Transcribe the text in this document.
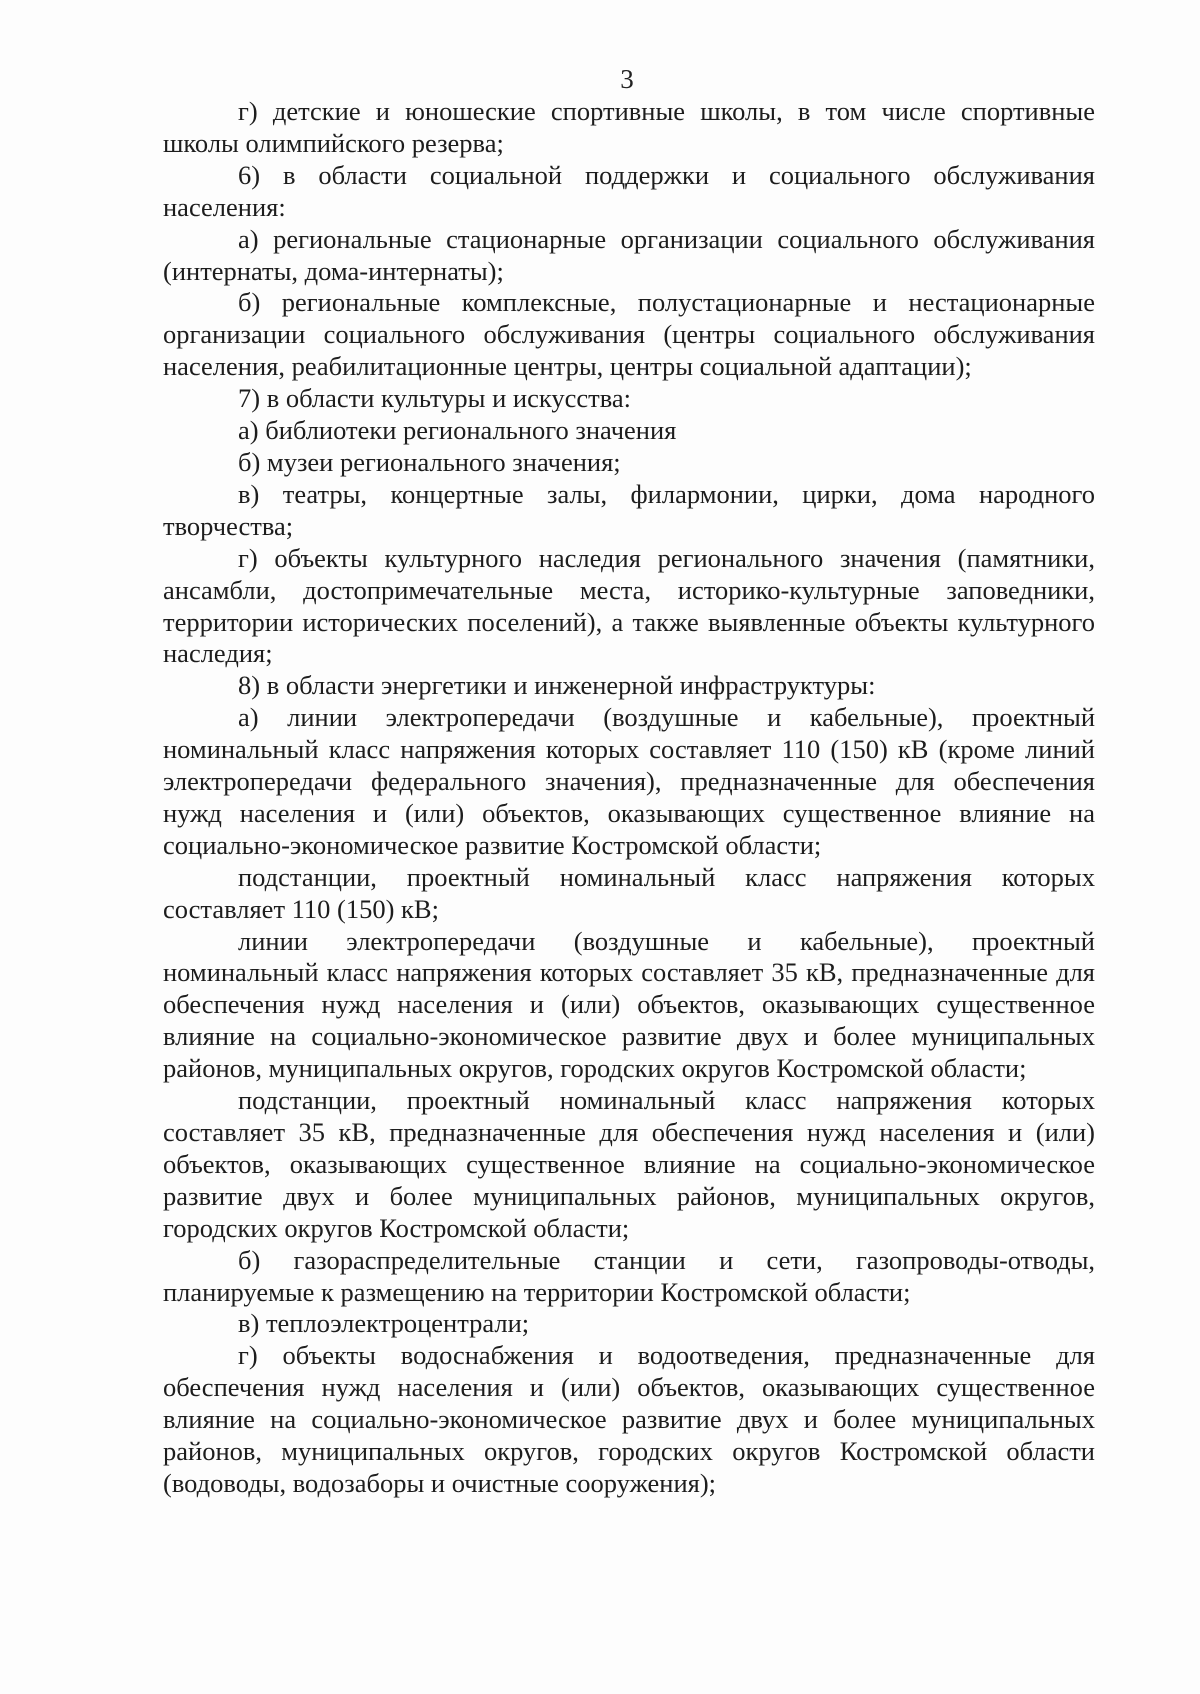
3

г) детские и юношеские спортивные школы, в том числе спортивные школы олимпийского резерва;

6) в области социальной поддержки и социального обслуживания населения:

а) региональные стационарные организации социального обслуживания (интернаты, дома-интернаты);

б) региональные комплексные, полустационарные и нестационарные организации социального обслуживания (центры социального обслуживания населения, реабилитационные центры, центры социальной адаптации);

7) в области культуры и искусства:

а) библиотеки регионального значения

б) музеи регионального значения;

в) театры, концертные залы, филармонии, цирки, дома народного творчества;

г) объекты культурного наследия регионального значения (памятники, ансамбли, достопримечательные места, историко-культурные заповедники, территории исторических поселений), а также выявленные объекты культурного наследия;

8) в области энергетики и инженерной инфраструктуры:

а) линии электропередачи (воздушные и кабельные), проектный номинальный класс напряжения которых составляет 110 (150) кВ (кроме линий электропередачи федерального значения), предназначенные для обеспечения нужд населения и (или) объектов, оказывающих существенное влияние на социально-экономическое развитие Костромской области;

подстанции, проектный номинальный класс напряжения которых составляет 110 (150) кВ;

линии электропередачи (воздушные и кабельные), проектный номинальный класс напряжения которых составляет 35 кВ, предназначенные для обеспечения нужд населения и (или) объектов, оказывающих существенное влияние на социально-экономическое развитие двух и более муниципальных районов, муниципальных округов, городских округов Костромской области;

подстанции, проектный номинальный класс напряжения которых составляет 35 кВ, предназначенные для обеспечения нужд населения и (или) объектов, оказывающих существенное влияние на социально-экономическое развитие двух и более муниципальных районов, муниципальных округов, городских округов Костромской области;

б) газораспределительные станции и сети, газопроводы-отводы, планируемые к размещению на территории Костромской области;

в) теплоэлектроцентрали;

г) объекты водоснабжения и водоотведения, предназначенные для обеспечения нужд населения и (или) объектов, оказывающих существенное влияние на социально-экономическое развитие двух и более муниципальных районов, муниципальных округов, городских округов Костромской области (водоводы, водозаборы и очистные сооружения);
